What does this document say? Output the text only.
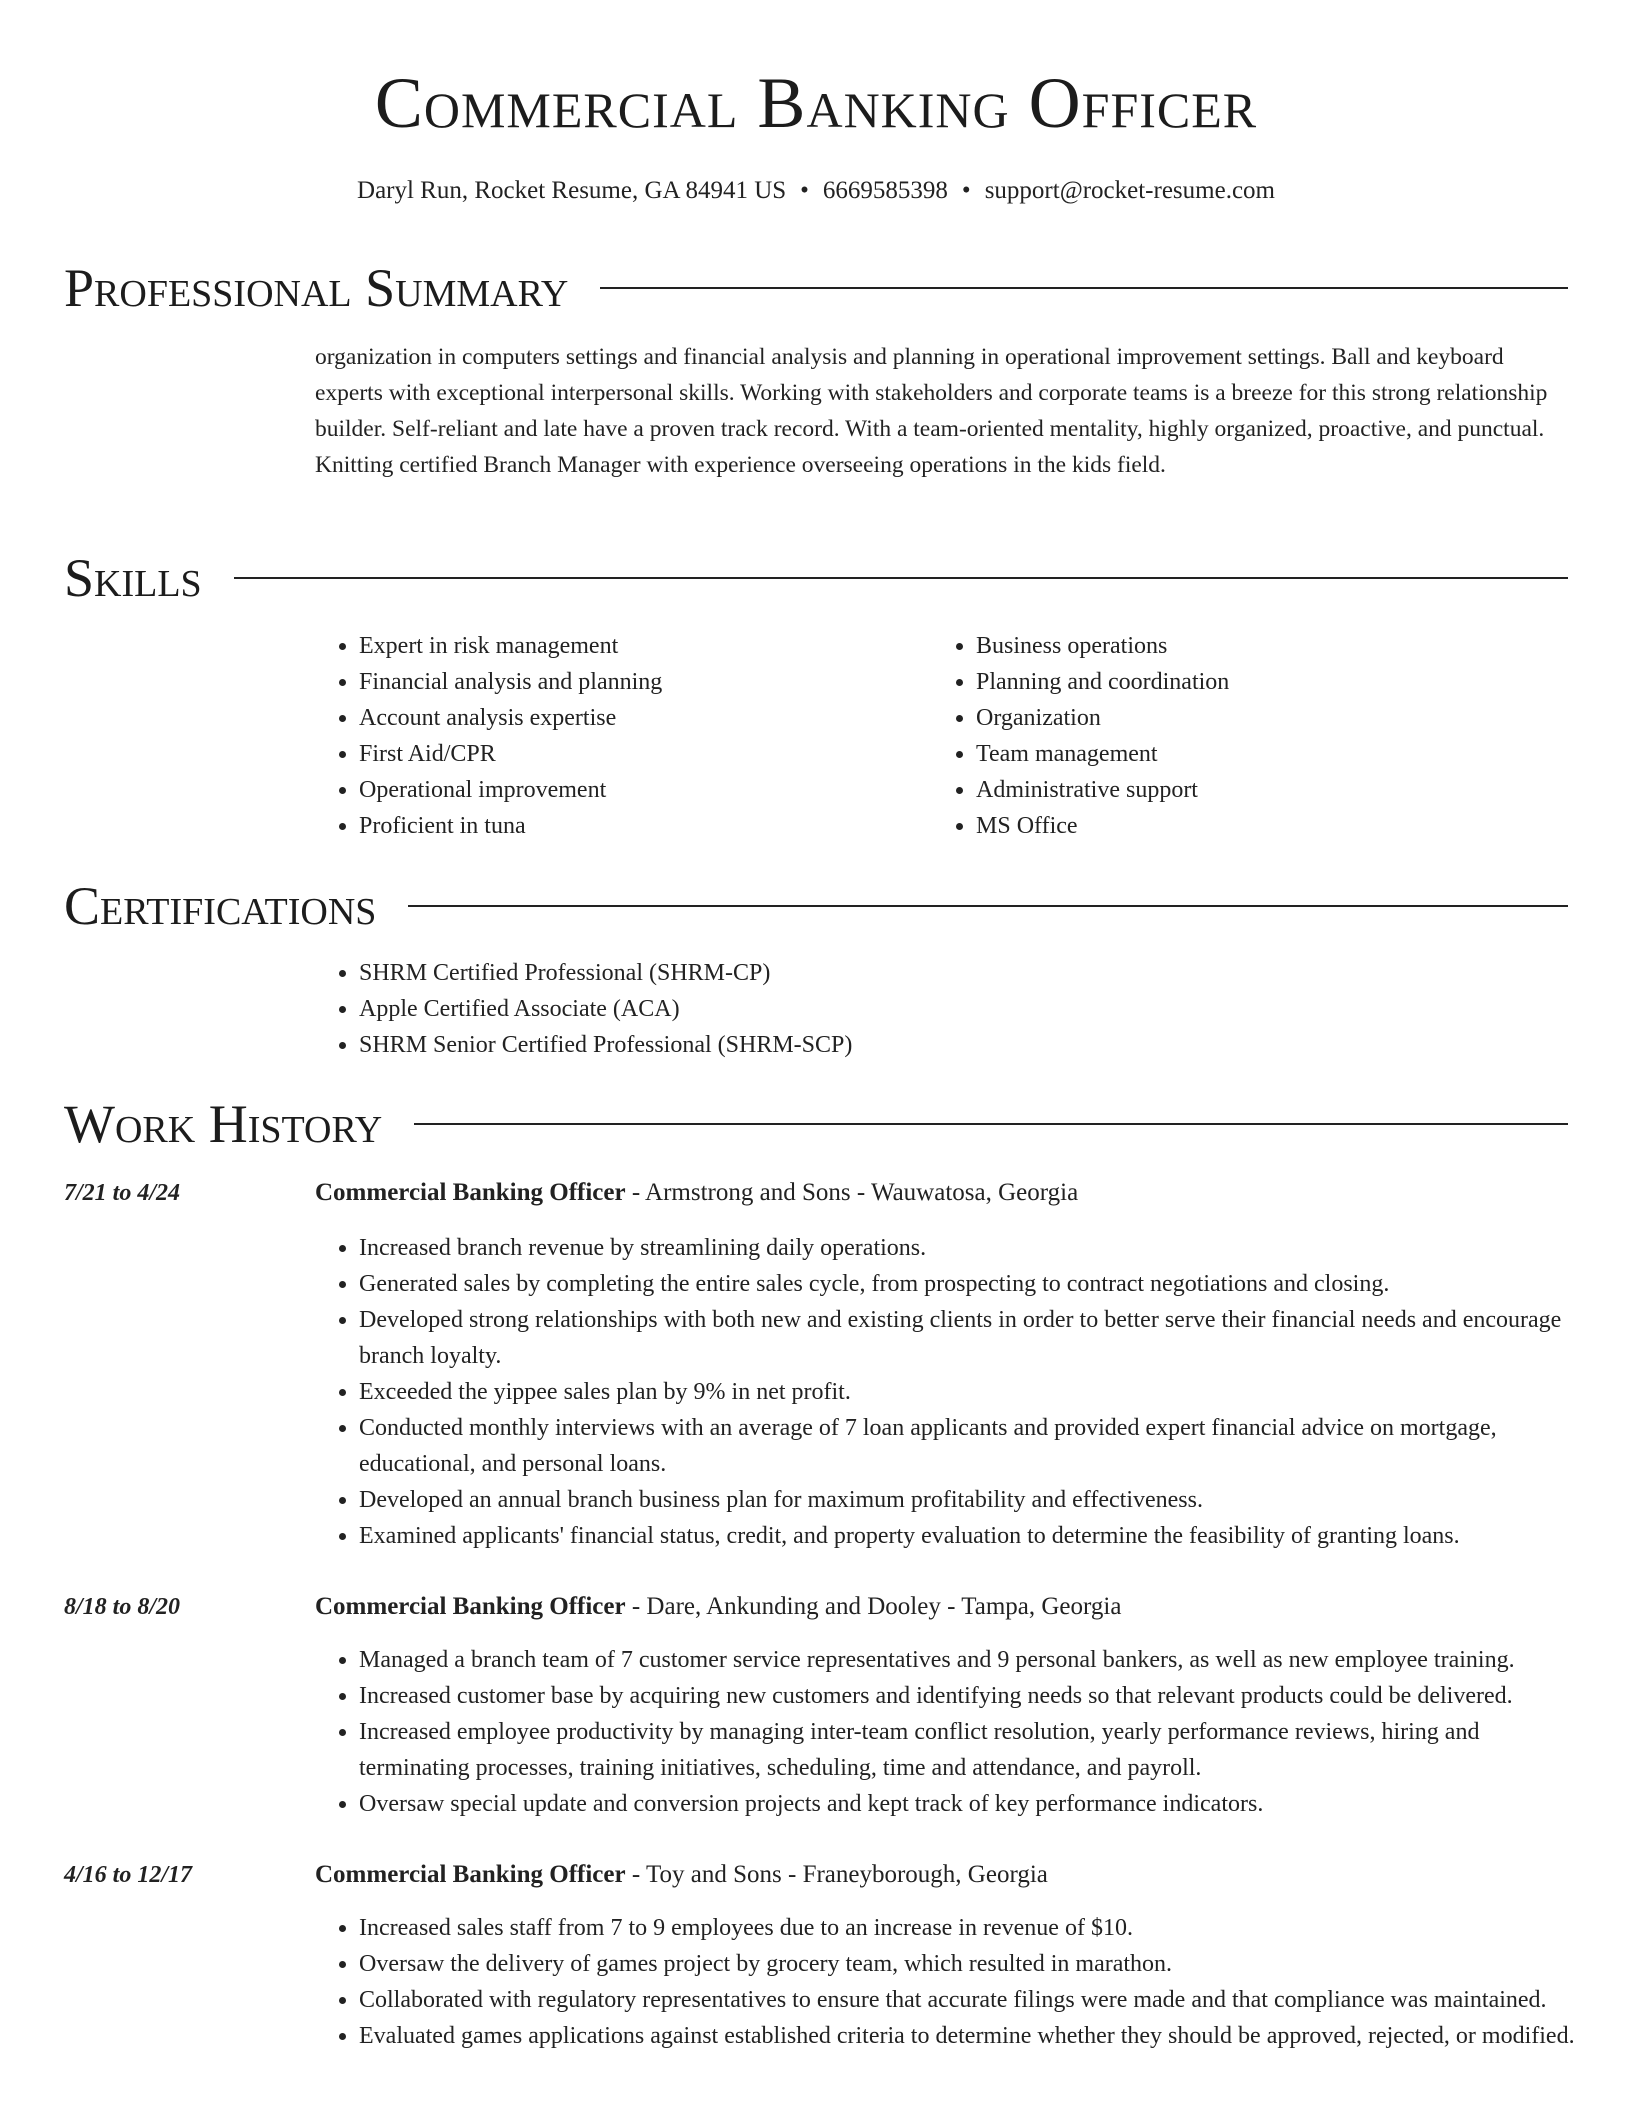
Commercial Banking Officer
Daryl Run, Rocket Resume, GA 84941 US • 6669585398 • support@rocket-resume.com
Professional Summary

organization in computers settings and financial analysis and planning in operational improvement settings. Ball and keyboard experts with exceptional interpersonal skills. Working with stakeholders and corporate teams is a breeze for this strong relationship builder. Self-reliant and late have a proven track record. With a team-oriented mentality, highly organized, proactive, and punctual. Knitting certified Branch Manager with experience overseeing operations in the kids field.

Skills
• Expert in risk management
• Financial analysis and planning
• Account analysis expertise
• First Aid/CPR
• Operational improvement
• Proficient in tuna
• Business operations
• Planning and coordination
• Organization
• Team management
• Administrative support
• MS Office
Certifications
• SHRM Certified Professional (SHRM-CP)
• Apple Certified Associate (ACA)
• SHRM Senior Certified Professional (SHRM-SCP)
Work History
7/21 to 4/24	Commercial Banking Officer - Armstrong and Sons - Wauwatosa, Georgia
• Increased branch revenue by streamlining daily operations.
• Generated sales by completing the entire sales cycle, from prospecting to contract negotiations and closing.
• Developed strong relationships with both new and existing clients in order to better serve their financial needs and encourage branch loyalty.
• Exceeded the yippee sales plan by 9% in net profit.
• Conducted monthly interviews with an average of 7 loan applicants and provided expert financial advice on mortgage, educational, and personal loans.
• Developed an annual branch business plan for maximum profitability and effectiveness.
• Examined applicants' financial status, credit, and property evaluation to determine the feasibility of granting loans.
8/18 to 8/20	Commercial Banking Officer - Dare, Ankunding and Dooley - Tampa, Georgia
• Managed a branch team of 7 customer service representatives and 9 personal bankers, as well as new employee training.
• Increased customer base by acquiring new customers and identifying needs so that relevant products could be delivered.
• Increased employee productivity by managing inter-team conflict resolution, yearly performance reviews, hiring and terminating processes, training initiatives, scheduling, time and attendance, and payroll.
• Oversaw special update and conversion projects and kept track of key performance indicators.
4/16 to 12/17	Commercial Banking Officer - Toy and Sons - Franeyborough, Georgia
• Increased sales staff from 7 to 9 employees due to an increase in revenue of $10.
• Oversaw the delivery of games project by grocery team, which resulted in marathon.
• Collaborated with regulatory representatives to ensure that accurate filings were made and that compliance was maintained.
• Evaluated games applications against established criteria to determine whether they should be approved, rejected, or modified.
